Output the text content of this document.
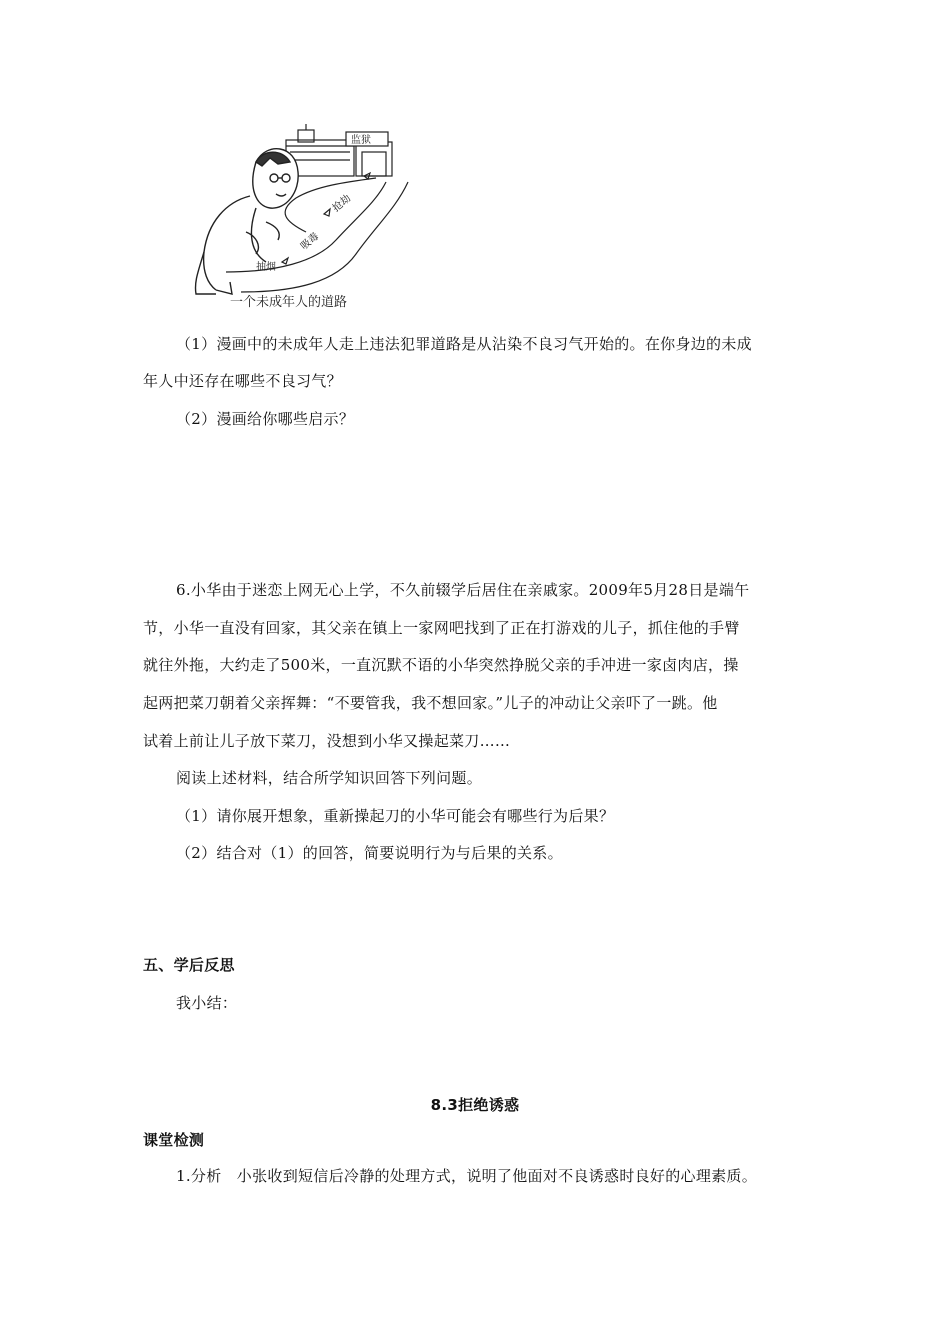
监狱
抽烟
吸毒
抢劫
一个未成年人的道路
（1）漫画中的未成年人走上违法犯罪道路是从沾染不良习气开始的。在你身边的未成
年人中还存在哪些不良习气？
（2）漫画给你哪些启示？
6.小华由于迷恋上网无心上学，不久前辍学后居住在亲戚家。2009年5月28日是端午
节，小华一直没有回家，其父亲在镇上一家网吧找到了正在打游戏的儿子，抓住他的手臂
就往外拖，大约走了500米，一直沉默不语的小华突然挣脱父亲的手冲进一家卤肉店，操
起两把菜刀朝着父亲挥舞：“不要管我，我不想回家。”儿子的冲动让父亲吓了一跳。他
试着上前让儿子放下菜刀，没想到小华又操起菜刀……
阅读上述材料，结合所学知识回答下列问题。
（1）请你展开想象，重新操起刀的小华可能会有哪些行为后果？
（2）结合对（1）的回答，简要说明行为与后果的关系。
五、学后反思
我小结：
8.3拒绝诱惑
课堂检测
1.分析　小张收到短信后冷静的处理方式，说明了他面对不良诱惑时良好的心理素质。
